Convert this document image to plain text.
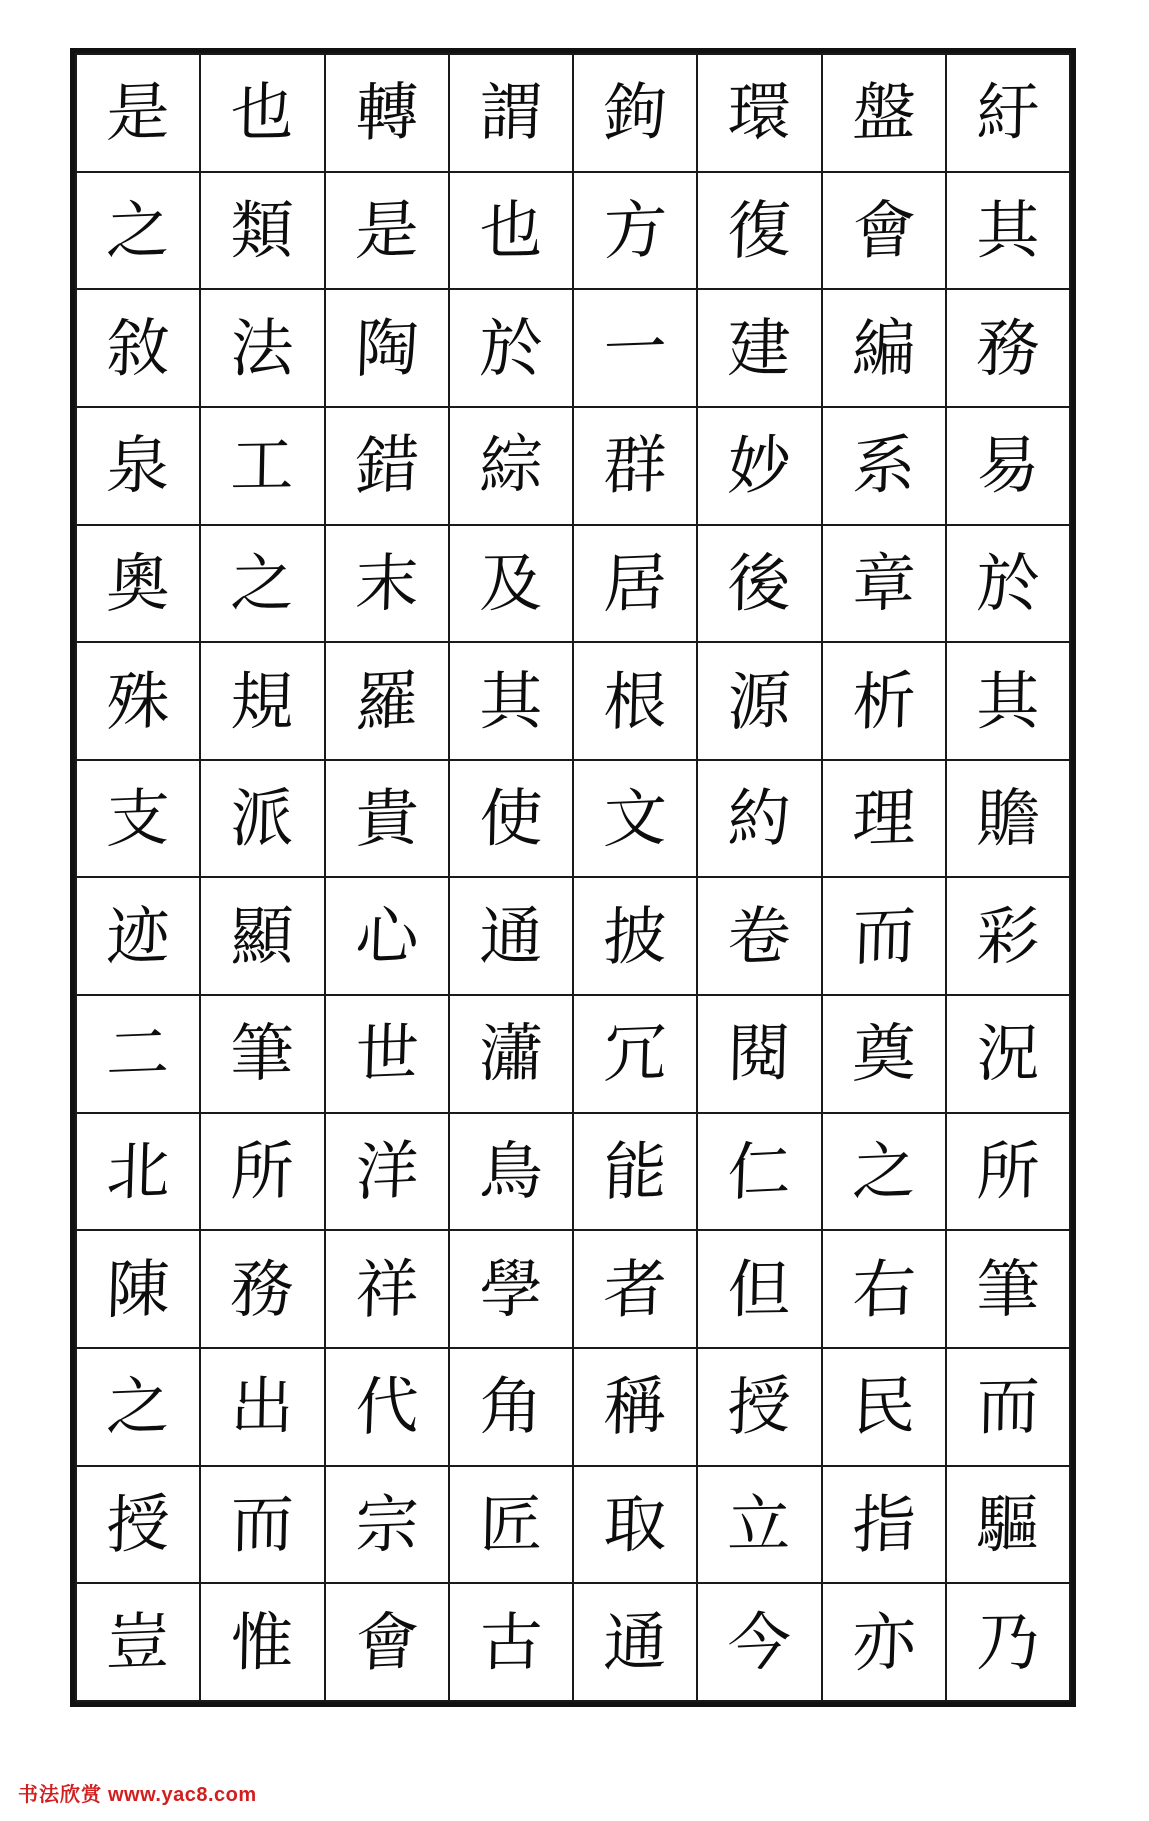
是	也	轉	謂	鉤	環	盤	紆

之	類	是	也	方	復	會	其

敘	法	陶	於	一	建	編	務

泉	工	錯	綜	群	妙	系	易

奧	之	末	及	居	後	章	於

殊	規	羅	其	根	源	析	其

支	派	貴	使	文	約	理	贍

迹	顯	心	通	披	卷	而	彩

二	筆	世	瀟	冗	閱	奠	況

北	所	洋	鳥	能	仁	之	所

陳	務	祥	學	者	但	右	筆

之	出	代	角	稱	授	民	而

授	而	宗	匠	取	立	指	驅

豈	惟	會	古	通	今	亦	乃
书法欣赏 www.yac8.com
